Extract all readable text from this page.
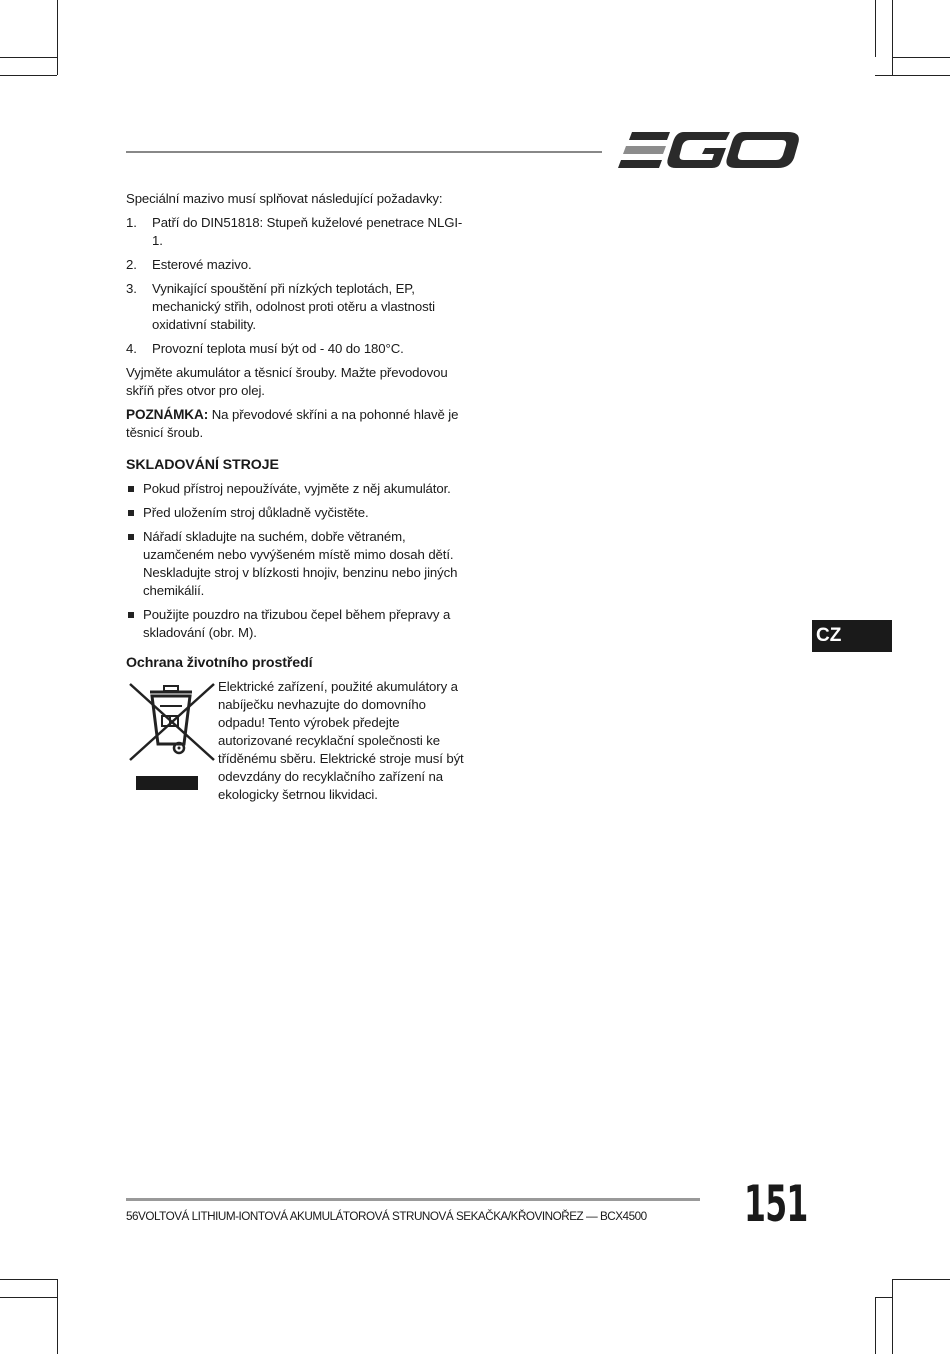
Speciální mazivo musí splňovat následující požadavky:

1. Patří do DIN51818: Stupeň kuželové penetrace NLGI-1.
2. Esterové mazivo.
3. Vynikající spouštění při nízkých teplotách, EP, mechanický střih, odolnost proti otěru a vlastnosti oxidativní stability.
4. Provozní teplota musí být od - 40 do 180°C.

Vyjměte akumulátor a těsnicí šrouby. Mažte převodovou skříň přes otvor pro olej.

POZNÁMKA: Na převodové skříni a na pohonné hlavě je těsnicí šroub.

SKLADOVÁNÍ STROJE
Pokud přístroj nepoužíváte, vyjměte z něj akumulátor.
Před uložením stroj důkladně vyčistěte.
Nářadí skladujte na suchém, dobře větraném, uzamčeném nebo vyvýšeném místě mimo dosah dětí. Neskladujte stroj v blízkosti hnojiv, benzinu nebo jiných chemikálií.
Použijte pouzdro na třizubou čepel během přepravy a skladování (obr. M).
Ochrana životního prostředí
Elektrické zařízení, použité akumulátory a nabíječku nevhazujte do domovního odpadu! Tento výrobek předejte autorizované recyklační společnosti ke tříděnému sběru. Elektrické stroje musí být odevzdány do recyklačního zařízení na ekologicky šetrnou likvidaci.
CZ
56VOLTOVÁ LITHIUM-IONTOVÁ AKUMULÁTOROVÁ STRUNOVÁ SEKAČKA/KŘOVINOŘEZ — BCX4500	151
